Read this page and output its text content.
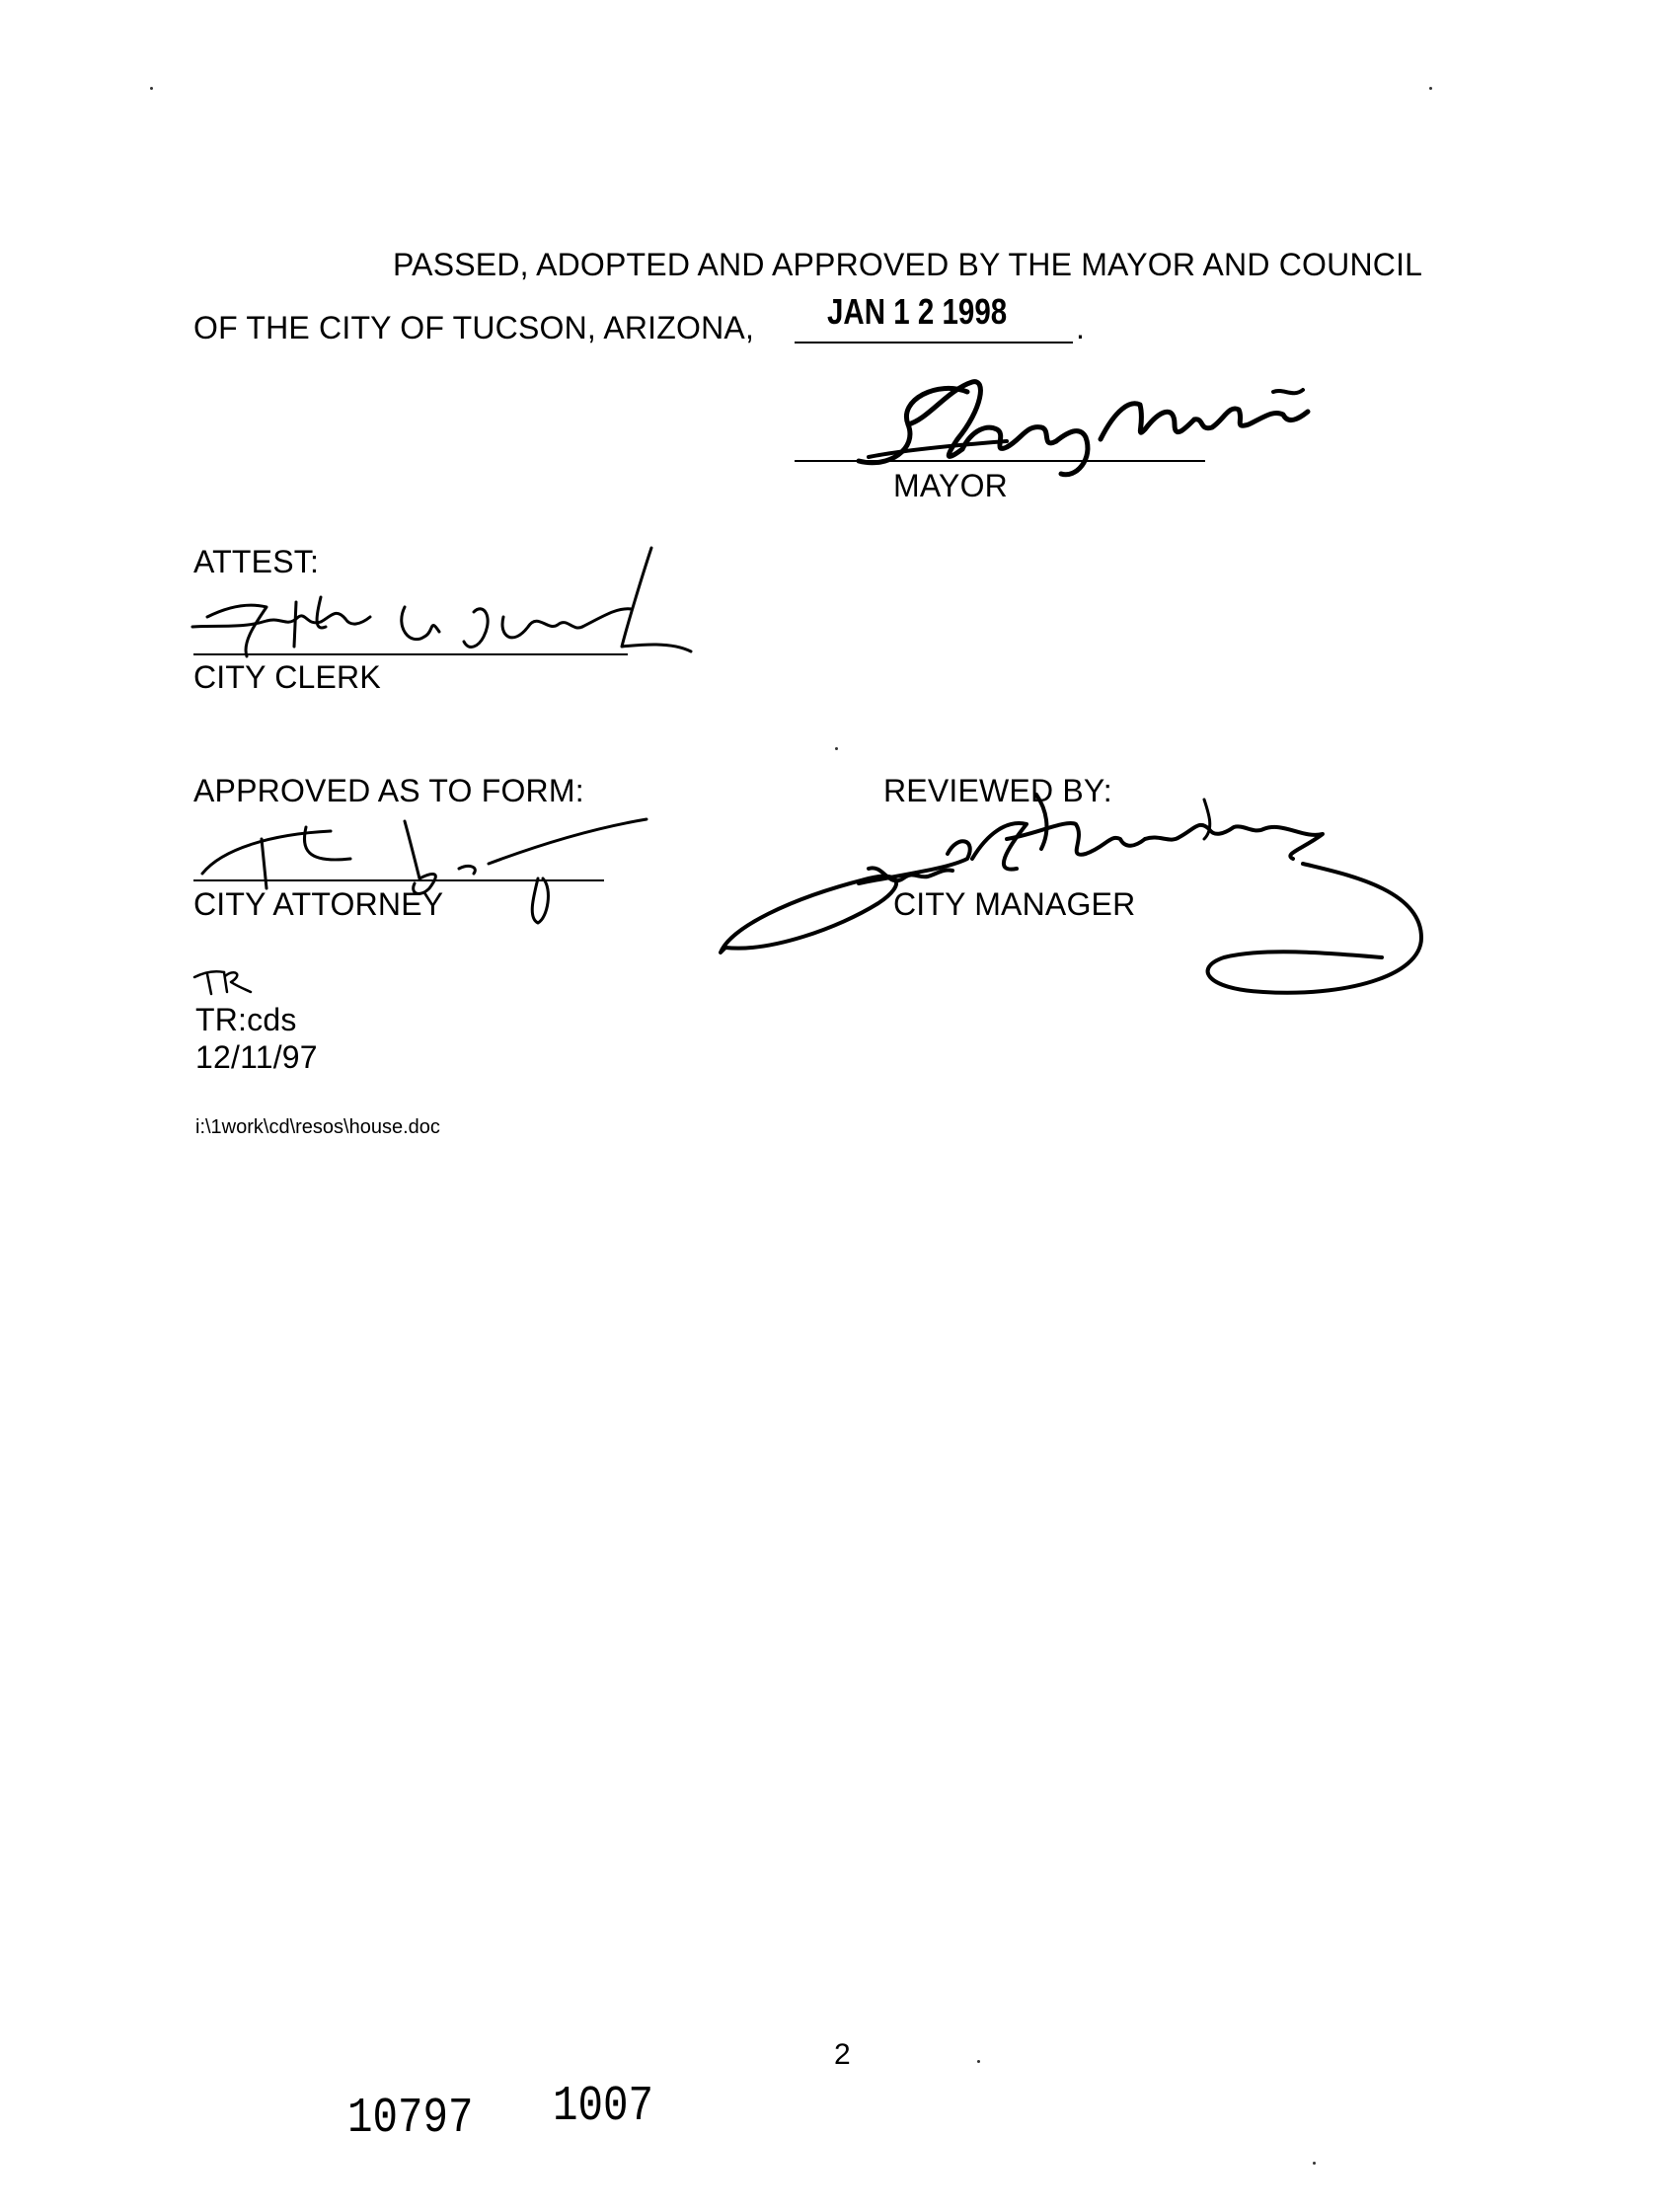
PASSED, ADOPTED AND APPROVED BY THE MAYOR AND COUNCIL
OF THE CITY OF TUCSON, ARIZONA, JAN 1 2 1998 .
MAYOR
ATTEST:
CITY CLERK
APPROVED AS TO FORM:
CITY ATTORNEY
REVIEWED BY:
CITY MANAGER
TR:cds
12/11/97
i:\1work\cd\resos\house.doc
2
10797 1007
